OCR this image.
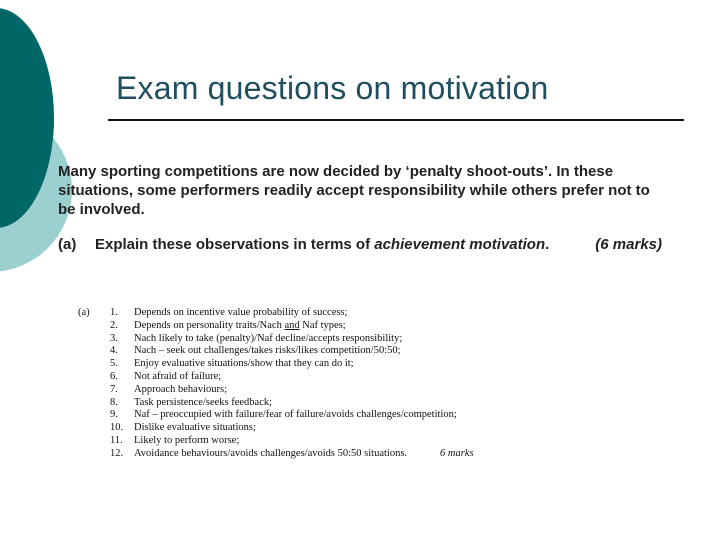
Exam questions on motivation
Many sporting competitions are now decided by ‘penalty shoot-outs’. In these situations, some performers readily accept responsibility while others prefer not to be involved.
(a) Explain these observations in terms of achievement motivation.	(6 marks)
(a) 1.	Depends on incentive value probability of success;
2.	Depends on personality traits/Nach and Naf types;
3.	Nach likely to take (penalty)/Naf decline/accepts responsibility;
4.	Nach – seek out challenges/takes risks/likes competition/50:50;
5.	Enjoy evaluative situations/show that they can do it;
6.	Not afraid of failure;
7.	Approach behaviours;
8.	Task persistence/seeks feedback;
9.	Naf – preoccupied with failure/fear of failure/avoids challenges/competition;
10.	Dislike evaluative situations;
11.	Likely to perform worse;
12.	Avoidance behaviours/avoids challenges/avoids 50:50 situations.	6 marks
